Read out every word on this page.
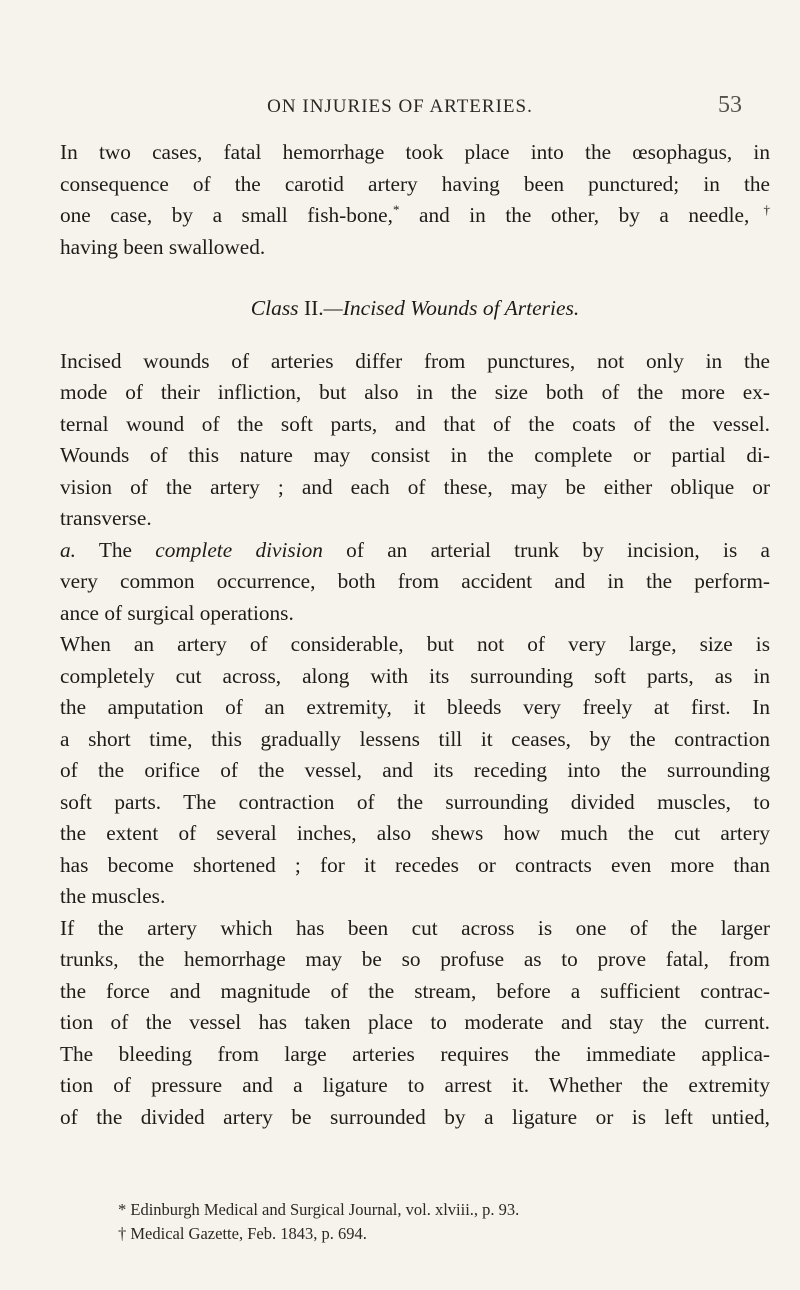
ON INJURIES OF ARTERIES.	53

In two cases, fatal hemorrhage took place into the œsophagus, in
consequence of the carotid artery having been punctured; in the
one case, by a small fish-bone,* and in the other, by a needle,†
having been swallowed.

Class II.—Incised Wounds of Arteries.

Incised wounds of arteries differ from punctures, not only in the
mode of their infliction, but also in the size both of the more ex-
ternal wound of the soft parts, and that of the coats of the vessel.
Wounds of this nature may consist in the complete or partial di-
vision of the artery ; and each of these, may be either oblique or
transverse.

a. The complete division of an arterial trunk by incision, is a
very common occurrence, both from accident and in the perform-
ance of surgical operations.

When an artery of considerable, but not of very large, size is
completely cut across, along with its surrounding soft parts, as in
the amputation of an extremity, it bleeds very freely at first. In
a short time, this gradually lessens till it ceases, by the contraction
of the orifice of the vessel, and its receding into the surrounding
soft parts. The contraction of the surrounding divided muscles, to
the extent of several inches, also shews how much the cut artery
has become shortened ; for it recedes or contracts even more than
the muscles.

If the artery which has been cut across is one of the larger
trunks, the hemorrhage may be so profuse as to prove fatal, from
the force and magnitude of the stream, before a sufficient contrac-
tion of the vessel has taken place to moderate and stay the current.
The bleeding from large arteries requires the immediate applica-
tion of pressure and a ligature to arrest it. Whether the extremity
of the divided artery be surrounded by a ligature or is left untied,

* Edinburgh Medical and Surgical Journal, vol. xlviii., p. 93.
† Medical Gazette, Feb. 1843, p. 694.
